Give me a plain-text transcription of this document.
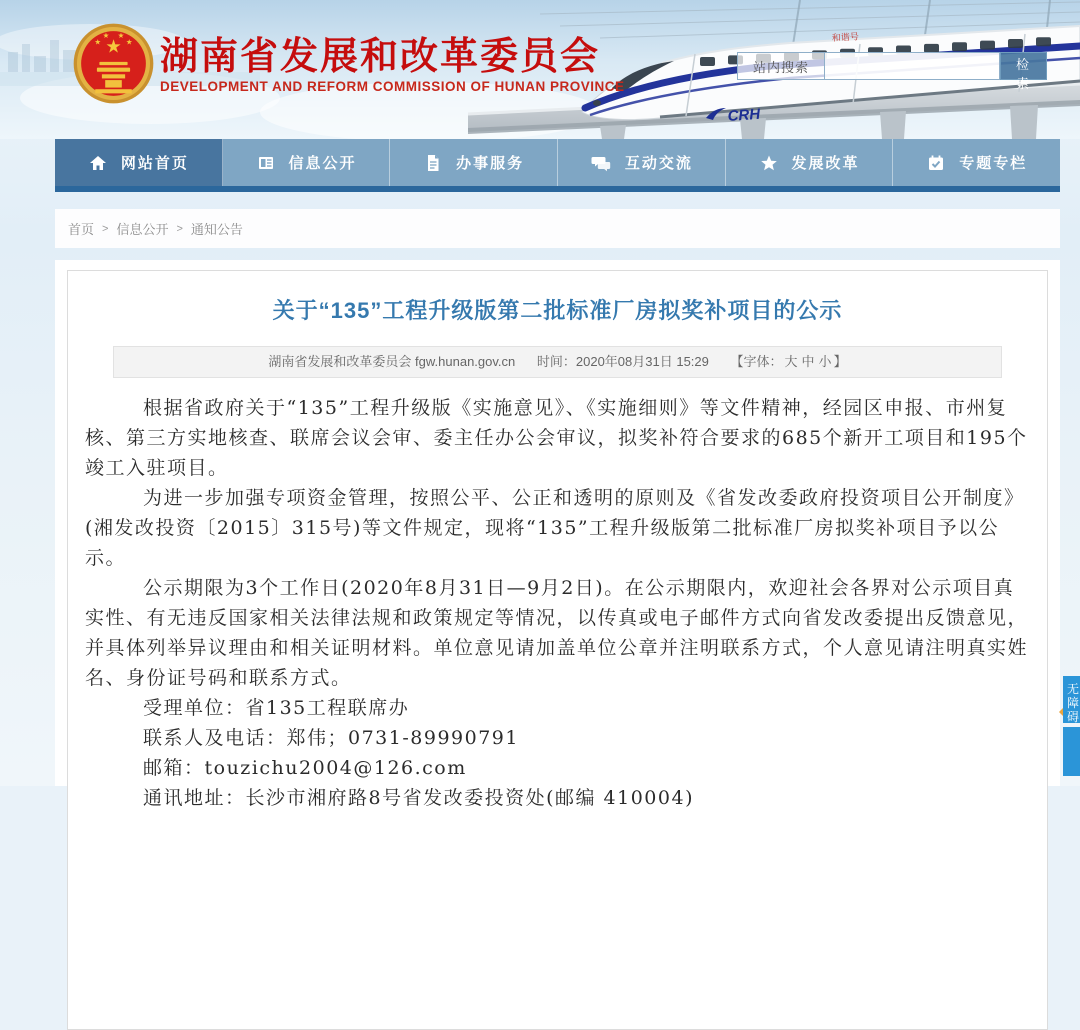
CRH
和谐号
★
★
★ ★
★ 湖南省发展和改革委员会
DEVELOPMENT AND REFORM COMMISSION OF HUNAN PROVINCE
站内搜索	检 索
网站首页	信息公开	办事服务	互动交流	发展改革	专题专栏
首页 > 信息公开 > 通知公告
关于“135”工程升级版第二批标准厂房拟奖补项目的公示
湖南省发展和改革委员会 fgw.hunan.gov.cn 时间：2020年08月31日 15:29 【字体： 大 中 小 】

根据省政府关于“135”工程升级版《实施意见》、《实施细则》等文件精神，经园区申报、市州复核、第三方实地核查、联席会议会审、委主任办公会审议，拟奖补符合要求的685个新开工项目和195个竣工入驻项目。

为进一步加强专项资金管理，按照公平、公正和透明的原则及《省发改委政府投资项目公开制度》(湘发改投资〔2015〕315号)等文件规定，现将“135”工程升级版第二批标准厂房拟奖补项目予以公示。

公示期限为3个工作日(2020年8月31日—9月2日)。在公示期限内，欢迎社会各界对公示项目真实性、有无违反国家相关法律法规和政策规定等情况，以传真或电子邮件方式向省发改委提出反馈意见，并具体列举异议理由和相关证明材料。单位意见请加盖单位公章并注明联系方式，个人意见请注明真实姓名、身份证号码和联系方式。

受理单位：省135工程联席办

联系人及电话：郑伟；0731-89990791

邮箱：touzichu2004@126.com

通讯地址：长沙市湘府路8号省发改委投资处(邮编 410004)

无障碍
